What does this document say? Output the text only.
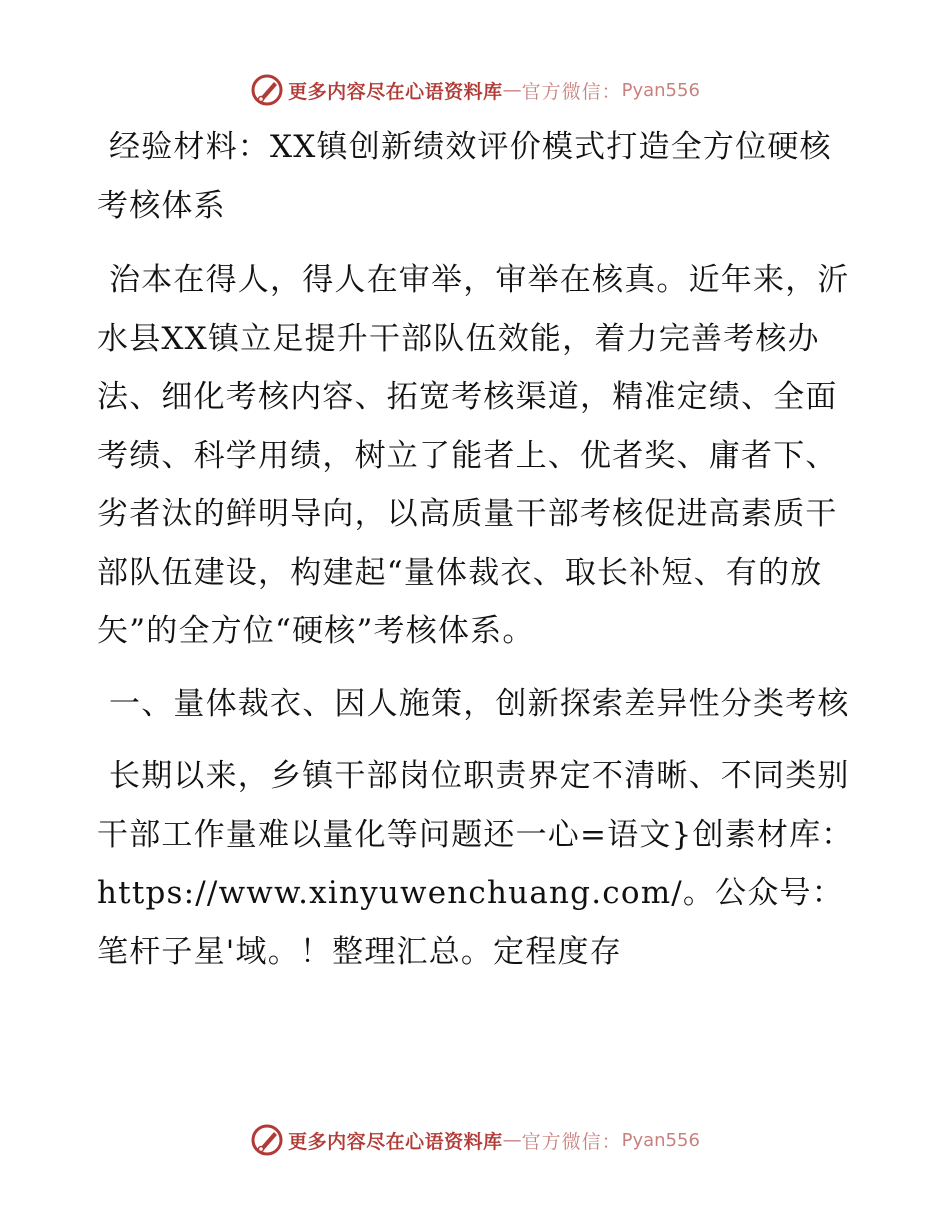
更多内容尽在心语资料库 — 官方微信： Pyan556

经验材料：XX镇创新绩效评价模式打造全方位硬核考核体系

治本在得人，得人在审举，审举在核真。近年来，沂水县XX镇立足提升干部队伍效能，着力完善考核办法、细化考核内容、拓宽考核渠道，精准定绩、全面考绩、科学用绩，树立了能者上、优者奖、庸者下、劣者汰的鲜明导向，以高质量干部考核促进高素质干部队伍建设，构建起“量体裁衣、取长补短、有的放矢”的全方位“硬核”考核体系。

一、量体裁衣、因人施策，创新探索差异性分类考核

长期以来，乡镇干部岗位职责界定不清晰、不同类别干部工作量难以量化等问题还一心=语文}创素材库：https://www.xinyuwenchuang.com/。公众号：笔杆子星'域。！整理汇总。定程度存

更多内容尽在心语资料库 — 官方微信： Pyan556
